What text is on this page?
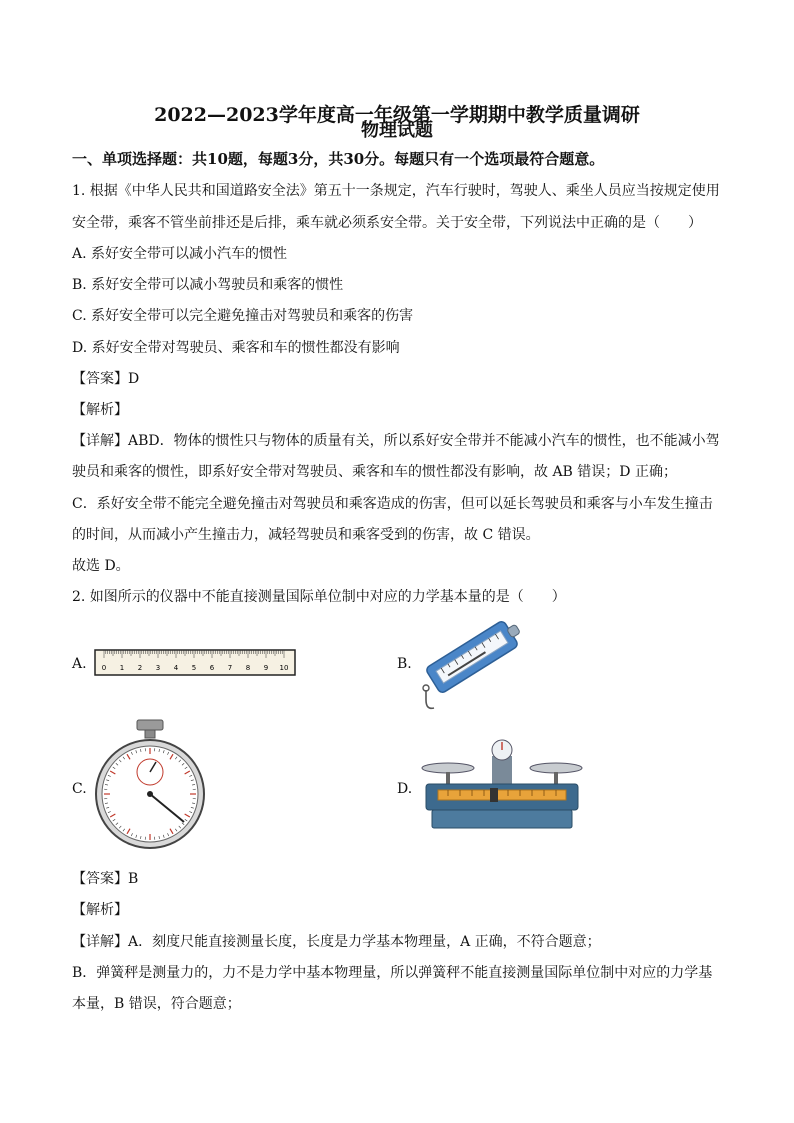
2022—2023学年度高一年级第一学期期中教学质量调研
物理试题
一、单项选择题：共10题，每题3分，共30分。每题只有一个选项最符合题意。
1. 根据《中华人民共和国道路安全法》第五十一条规定，汽车行驶时，驾驶人、乘坐人员应当按规定使用
安全带，乘客不管坐前排还是后排，乘车就必须系安全带。关于安全带，下列说法中正确的是（　　）
A. 系好安全带可以减小汽车的惯性
B. 系好安全带可以减小驾驶员和乘客的惯性
C. 系好安全带可以完全避免撞击对驾驶员和乘客的伤害
D. 系好安全带对驾驶员、乘客和车的惯性都没有影响
【答案】D
【解析】
【详解】ABD．物体的惯性只与物体的质量有关，所以系好安全带并不能减小汽车的惯性，也不能减小驾
驶员和乘客的惯性，即系好安全带对驾驶员、乘客和车的惯性都没有影响，故 AB 错误；D 正确；
C．系好安全带不能完全避免撞击对驾驶员和乘客造成的伤害，但可以延长驾驶员和乘客与小车发生撞击
的时间，从而减小产生撞击力，减轻驾驶员和乘客受到的伤害，故 C 错误。
故选 D。
2. 如图所示的仪器中不能直接测量国际单位制中对应的力学基本量的是（　　）
A.	B.
C.	D.
0 1 2 3 4 5 6 7 8 9 10
【答案】B
【解析】
【详解】A．刻度尺能直接测量长度，长度是力学基本物理量，A 正确，不符合题意；
B．弹簧秤是测量力的，力不是力学中基本物理量，所以弹簧秤不能直接测量国际单位制中对应的力学基
本量，B 错误，符合题意；
